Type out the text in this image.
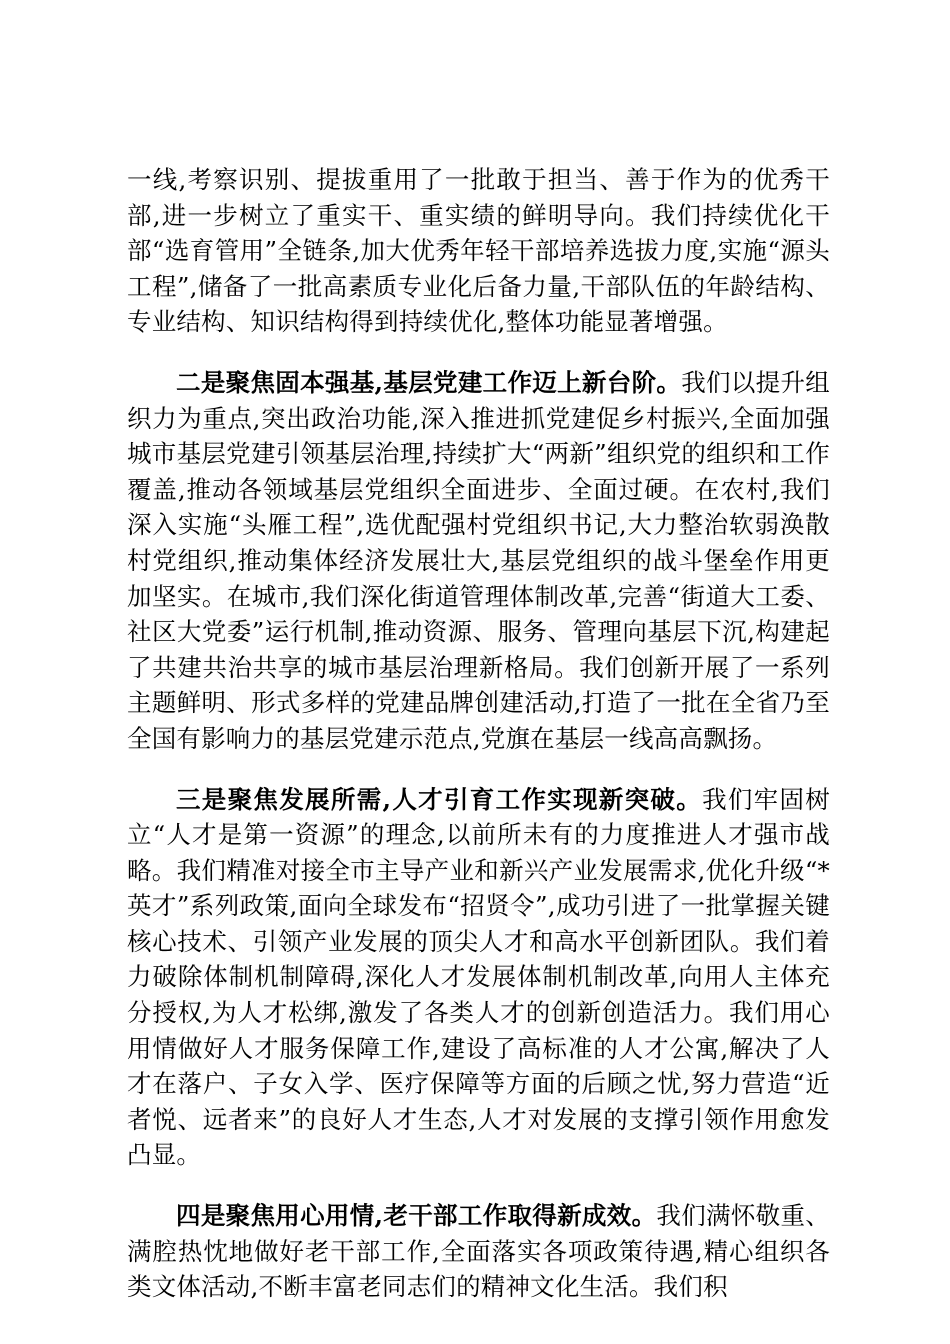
一线,考察识别、提拔重用了一批敢于担当、善于作为的优秀干部,进一步树立了重实干、重实绩的鲜明导向。我们持续优化干部“选育管用”全链条,加大优秀年轻干部培养选拔力度,实施“源头工程”,储备了一批高素质专业化后备力量,干部队伍的年龄结构、专业结构、知识结构得到持续优化,整体功能显著增强。

二是聚焦固本强基,基层党建工作迈上新台阶。我们以提升组织力为重点,突出政治功能,深入推进抓党建促乡村振兴,全面加强城市基层党建引领基层治理,持续扩大“两新”组织党的组织和工作覆盖,推动各领域基层党组织全面进步、全面过硬。在农村,我们深入实施“头雁工程”,选优配强村党组织书记,大力整治软弱涣散村党组织,推动集体经济发展壮大,基层党组织的战斗堡垒作用更加坚实。在城市,我们深化街道管理体制改革,完善“街道大工委、社区大党委”运行机制,推动资源、服务、管理向基层下沉,构建起了共建共治共享的城市基层治理新格局。我们创新开展了一系列主题鲜明、形式多样的党建品牌创建活动,打造了一批在全省乃至全国有影响力的基层党建示范点,党旗在基层一线高高飘扬。

三是聚焦发展所需,人才引育工作实现新突破。我们牢固树立“人才是第一资源”的理念,以前所未有的力度推进人才强市战略。我们精准对接全市主导产业和新兴产业发展需求,优化升级“*英才”系列政策,面向全球发布“招贤令”,成功引进了一批掌握关键核心技术、引领产业发展的顶尖人才和高水平创新团队。我们着力破除体制机制障碍,深化人才发展体制机制改革,向用人主体充分授权,为人才松绑,激发了各类人才的创新创造活力。我们用心用情做好人才服务保障工作,建设了高标准的人才公寓,解决了人才在落户、子女入学、医疗保障等方面的后顾之忧,努力营造“近者悦、远者来”的良好人才生态,人才对发展的支撑引领作用愈发凸显。

四是聚焦用心用情,老干部工作取得新成效。我们满怀敬重、满腔热忱地做好老干部工作,全面落实各项政策待遇,精心组织各类文体活动,不断丰富老同志们的精神文化生活。我们积
